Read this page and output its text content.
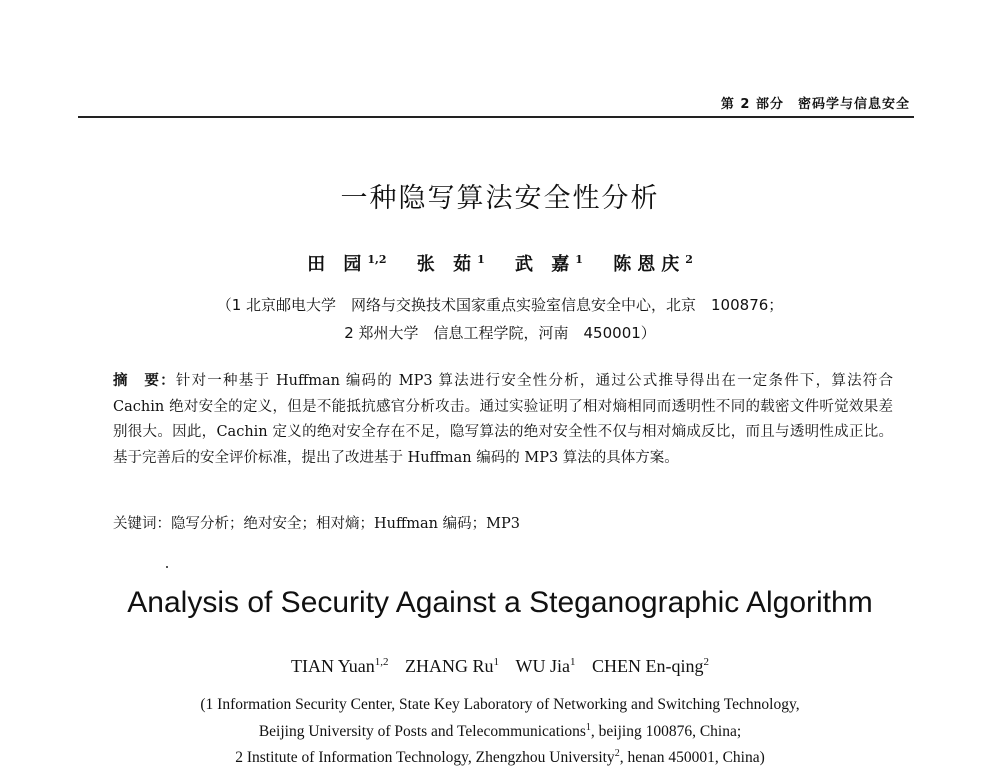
第 2 部分　密码学与信息安全
一种隐写算法安全性分析
田 园$^{1,2}$ 张 茹$^1$ 武 嘉$^1$ 陈恩庆$^2$
（1 北京邮电大学　网络与交换技术国家重点实验室信息安全中心，北京　100876；
2 郑州大学　信息工程学院，河南　450001）
摘　要：针对一种基于 Huffman 编码的 MP3 算法进行安全性分析，通过公式推导得出在一定条件下，算法符合 Cachin 绝对安全的定义，但是不能抵抗感官分析攻击。通过实验证明了相对熵相同而透明性不同的载密文件听觉效果差别很大。因此，Cachin 定义的绝对安全存在不足，隐写算法的绝对安全性不仅与相对熵成反比，而且与透明性成正比。基于完善后的安全评价标准，提出了改进基于 Huffman 编码的 MP3 算法的具体方案。
关键词：隐写分析；绝对安全；相对熵；Huffman 编码；MP3
Analysis of Security Against a Steganographic Algorithm
TIAN Yuan$^{1,2}$ ZHANG Ru$^1$ WU Jia$^1$ CHEN En-qing$^2$
(1 Information Security Center, State Key Laboratory of Networking and Switching Technology,
Beijing University of Posts and Telecommunications$^1$, beijing 100876, China;
2 Institute of Information Technology, Zhengzhou University$^2$, henan 450001, China)
